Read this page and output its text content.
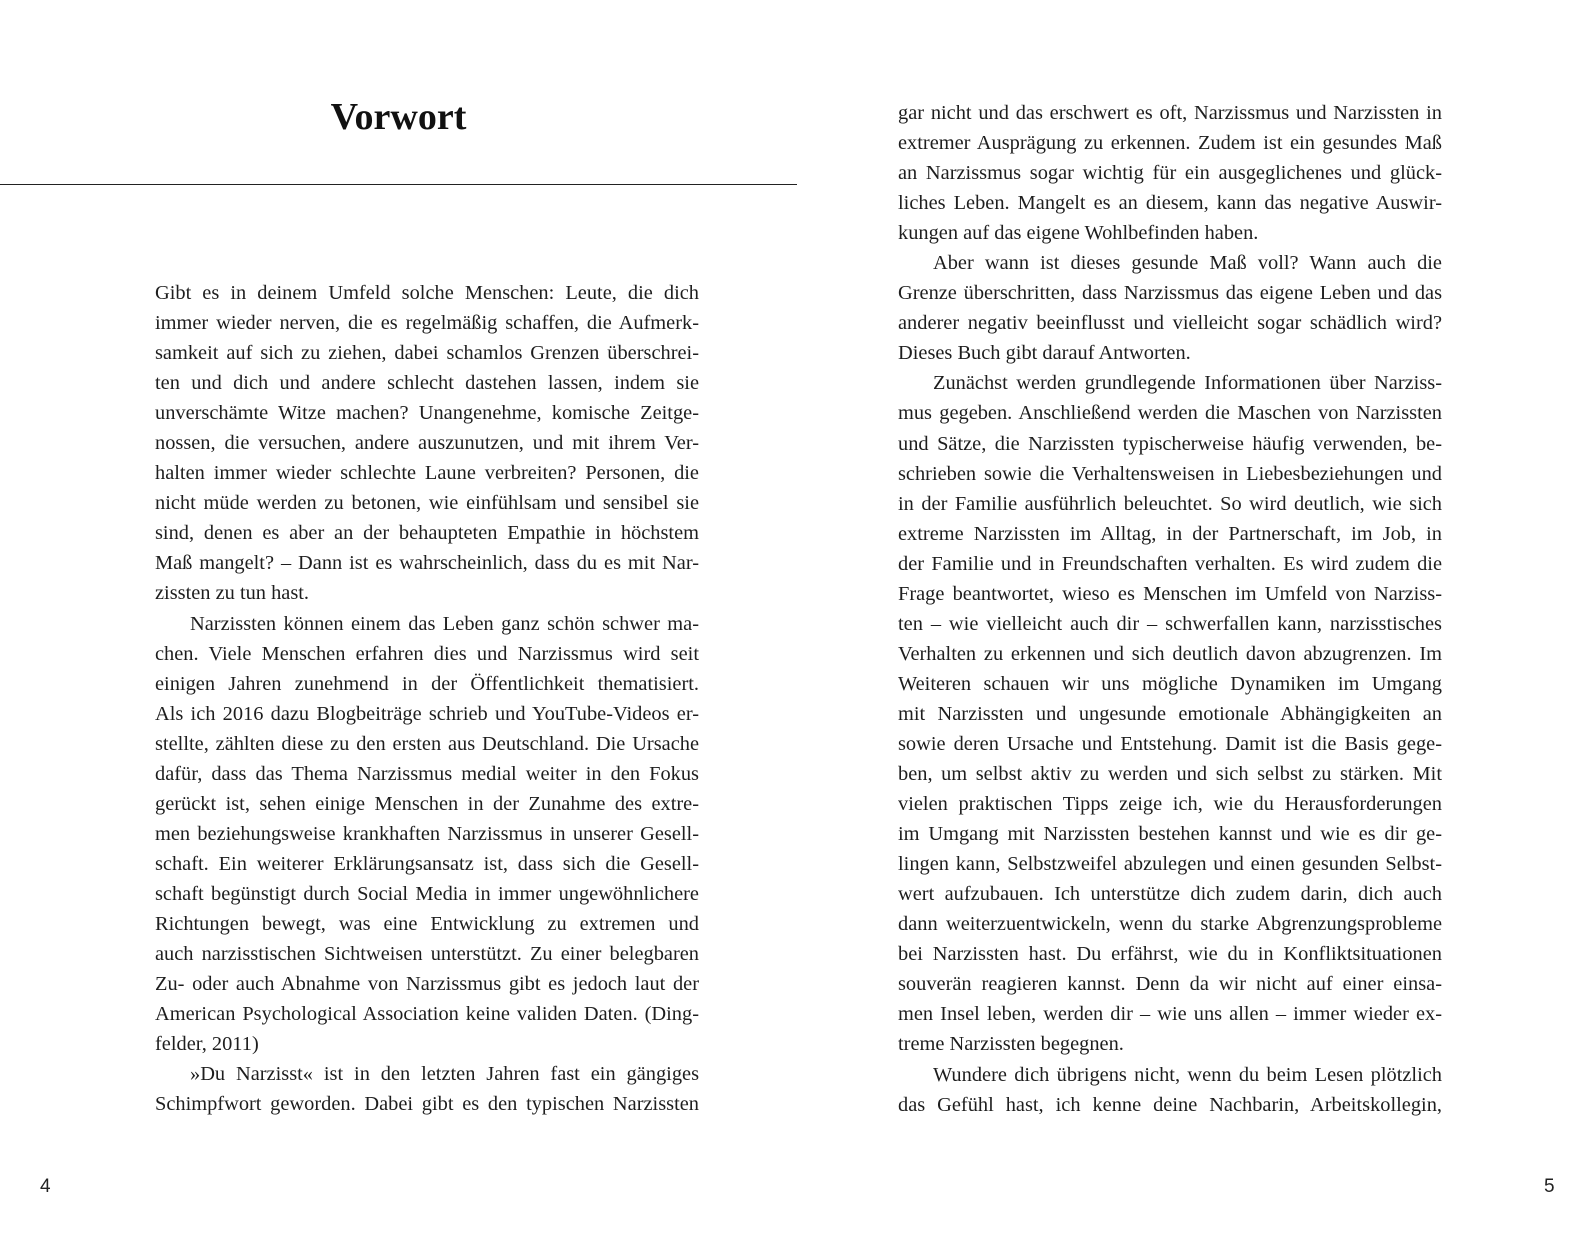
Vorwort
Gibt es in deinem Umfeld solche Menschen: Leute, die dich
immer wieder nerven, die es regelmäßig schaffen, die Aufmerk-
samkeit auf sich zu ziehen, dabei schamlos Grenzen überschrei-
ten und dich und andere schlecht dastehen lassen, indem sie
unverschämte Witze machen? Unangenehme, komische Zeitge-
nossen, die versuchen, andere auszunutzen, und mit ihrem Ver-
halten immer wieder schlechte Laune verbreiten? Personen, die
nicht müde werden zu betonen, wie einfühlsam und sensibel sie
sind, denen es aber an der behaupteten Empathie in höchstem
Maß mangelt? – Dann ist es wahrscheinlich, dass du es mit Nar-
zissten zu tun hast.
Narzissten können einem das Leben ganz schön schwer ma-
chen. Viele Menschen erfahren dies und Narzissmus wird seit
einigen Jahren zunehmend in der Öffentlichkeit thematisiert.
Als ich 2016 dazu Blogbeiträge schrieb und YouTube-Videos er-
stellte, zählten diese zu den ersten aus Deutschland. Die Ursache
dafür, dass das Thema Narzissmus medial weiter in den Fokus
gerückt ist, sehen einige Menschen in der Zunahme des extre-
men beziehungsweise krankhaften Narzissmus in unserer Gesell-
schaft. Ein weiterer Erklärungsansatz ist, dass sich die Gesell-
schaft begünstigt durch Social Media in immer ungewöhnlichere
Richtungen bewegt, was eine Entwicklung zu extremen und
auch narzisstischen Sichtweisen unterstützt. Zu einer belegbaren
Zu- oder auch Abnahme von Narzissmus gibt es jedoch laut der
American Psychological Association keine validen Daten. (Ding-
felder, 2011)
»Du Narzisst« ist in den letzten Jahren fast ein gängiges
Schimpfwort geworden. Dabei gibt es den typischen Narzissten
4
gar nicht und das erschwert es oft, Narzissmus und Narzissten in
extremer Ausprägung zu erkennen. Zudem ist ein gesundes Maß
an Narzissmus sogar wichtig für ein ausgeglichenes und glück-
liches Leben. Mangelt es an diesem, kann das negative Auswir-
kungen auf das eigene Wohlbefinden haben.
Aber wann ist dieses gesunde Maß voll? Wann auch die
Grenze überschritten, dass Narzissmus das eigene Leben und das
anderer negativ beeinflusst und vielleicht sogar schädlich wird?
Dieses Buch gibt darauf Antworten.
Zunächst werden grundlegende Informationen über Narziss-
mus gegeben. Anschließend werden die Maschen von Narzissten
und Sätze, die Narzissten typischerweise häufig verwenden, be-
schrieben sowie die Verhaltensweisen in Liebesbeziehungen und
in der Familie ausführlich beleuchtet. So wird deutlich, wie sich
extreme Narzissten im Alltag, in der Partnerschaft, im Job, in
der Familie und in Freundschaften verhalten. Es wird zudem die
Frage beantwortet, wieso es Menschen im Umfeld von Narziss-
ten – wie vielleicht auch dir – schwerfallen kann, narzisstisches
Verhalten zu erkennen und sich deutlich davon abzugrenzen. Im
Weiteren schauen wir uns mögliche Dynamiken im Umgang
mit Narzissten und ungesunde emotionale Abhängigkeiten an
sowie deren Ursache und Entstehung. Damit ist die Basis gege-
ben, um selbst aktiv zu werden und sich selbst zu stärken. Mit
vielen praktischen Tipps zeige ich, wie du Herausforderungen
im Umgang mit Narzissten bestehen kannst und wie es dir ge-
lingen kann, Selbstzweifel abzulegen und einen gesunden Selbst-
wert aufzubauen. Ich unterstütze dich zudem darin, dich auch
dann weiterzuentwickeln, wenn du starke Abgrenzungsprobleme
bei Narzissten hast. Du erfährst, wie du in Konfliktsituationen
souverän reagieren kannst. Denn da wir nicht auf einer einsa-
men Insel leben, werden dir – wie uns allen – immer wieder ex-
treme Narzissten begegnen.
Wundere dich übrigens nicht, wenn du beim Lesen plötzlich
das Gefühl hast, ich kenne deine Nachbarin, Arbeitskollegin,
5
